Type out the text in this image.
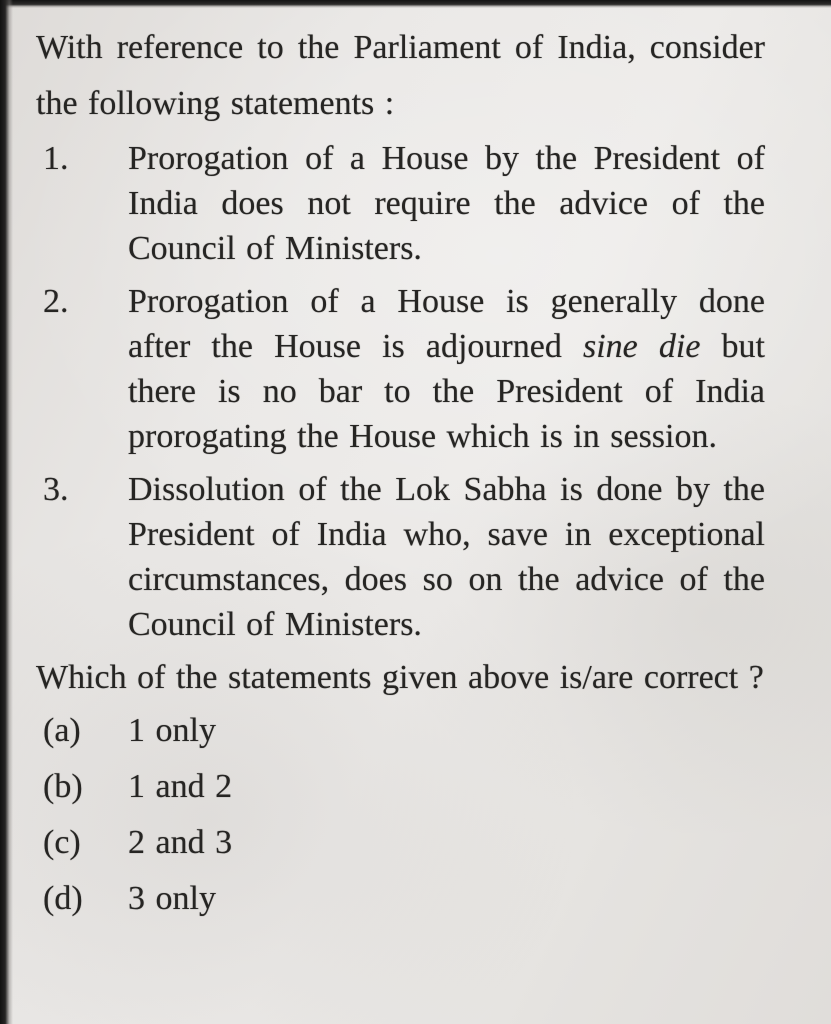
With reference to the Parliament of India, consider the following statements :

1.	Prorogation of a House by the President of India does not require the advice of the Council of Ministers.
2.	Prorogation of a House is generally done after the House is adjourned sine die but there is no bar to the President of India prorogating the House which is in session.
3.	Dissolution of the Lok Sabha is done by the President of India who, save in exceptional circumstances, does so on the advice of the Council of Ministers.

Which of the statements given above is/are correct ?

(a)	1 only
(b)	1 and 2
(c)	2 and 3
(d)	3 only
